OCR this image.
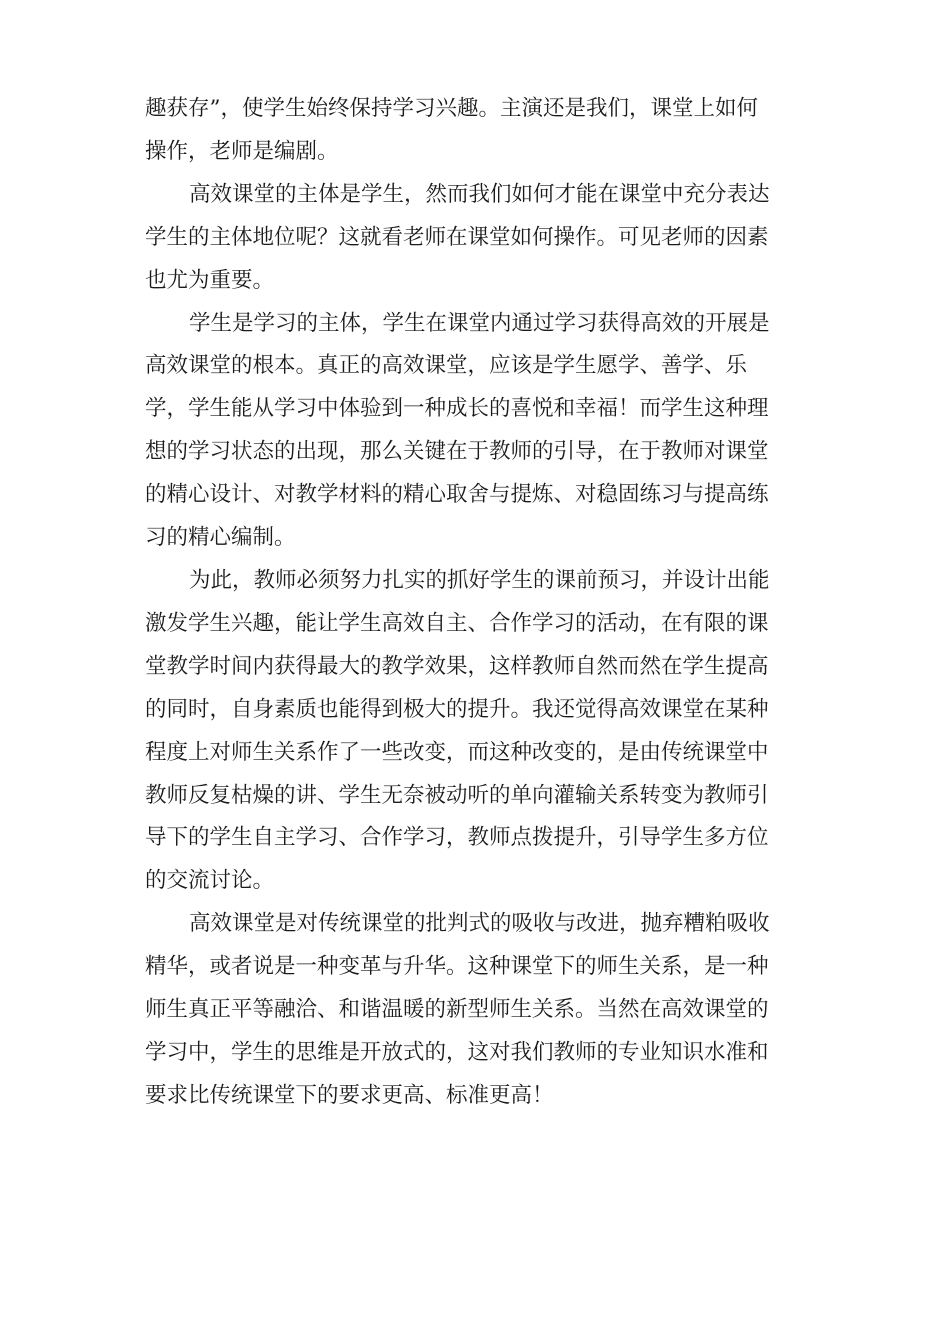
趣获存”，使学生始终保持学习兴趣。主演还是我们，课堂上如何
操作，老师是编剧。
高效课堂的主体是学生，然而我们如何才能在课堂中充分表达
学生的主体地位呢？这就看老师在课堂如何操作。可见老师的因素
也尤为重要。
学生是学习的主体，学生在课堂内通过学习获得高效的开展是
高效课堂的根本。真正的高效课堂，应该是学生愿学、善学、乐
学，学生能从学习中体验到一种成长的喜悦和幸福！而学生这种理
想的学习状态的出现，那么关键在于教师的引导，在于教师对课堂
的精心设计、对教学材料的精心取舍与提炼、对稳固练习与提高练
习的精心编制。
为此，教师必须努力扎实的抓好学生的课前预习，并设计出能
激发学生兴趣，能让学生高效自主、合作学习的活动，在有限的课
堂教学时间内获得最大的教学效果，这样教师自然而然在学生提高
的同时，自身素质也能得到极大的提升。我还觉得高效课堂在某种
程度上对师生关系作了一些改变，而这种改变的，是由传统课堂中
教师反复枯燥的讲、学生无奈被动听的单向灌输关系转变为教师引
导下的学生自主学习、合作学习，教师点拨提升，引导学生多方位
的交流讨论。
高效课堂是对传统课堂的批判式的吸收与改进，抛弃糟粕吸收
精华，或者说是一种变革与升华。这种课堂下的师生关系，是一种
师生真正平等融洽、和谐温暖的新型师生关系。当然在高效课堂的
学习中，学生的思维是开放式的，这对我们教师的专业知识水准和
要求比传统课堂下的要求更高、标准更高！
